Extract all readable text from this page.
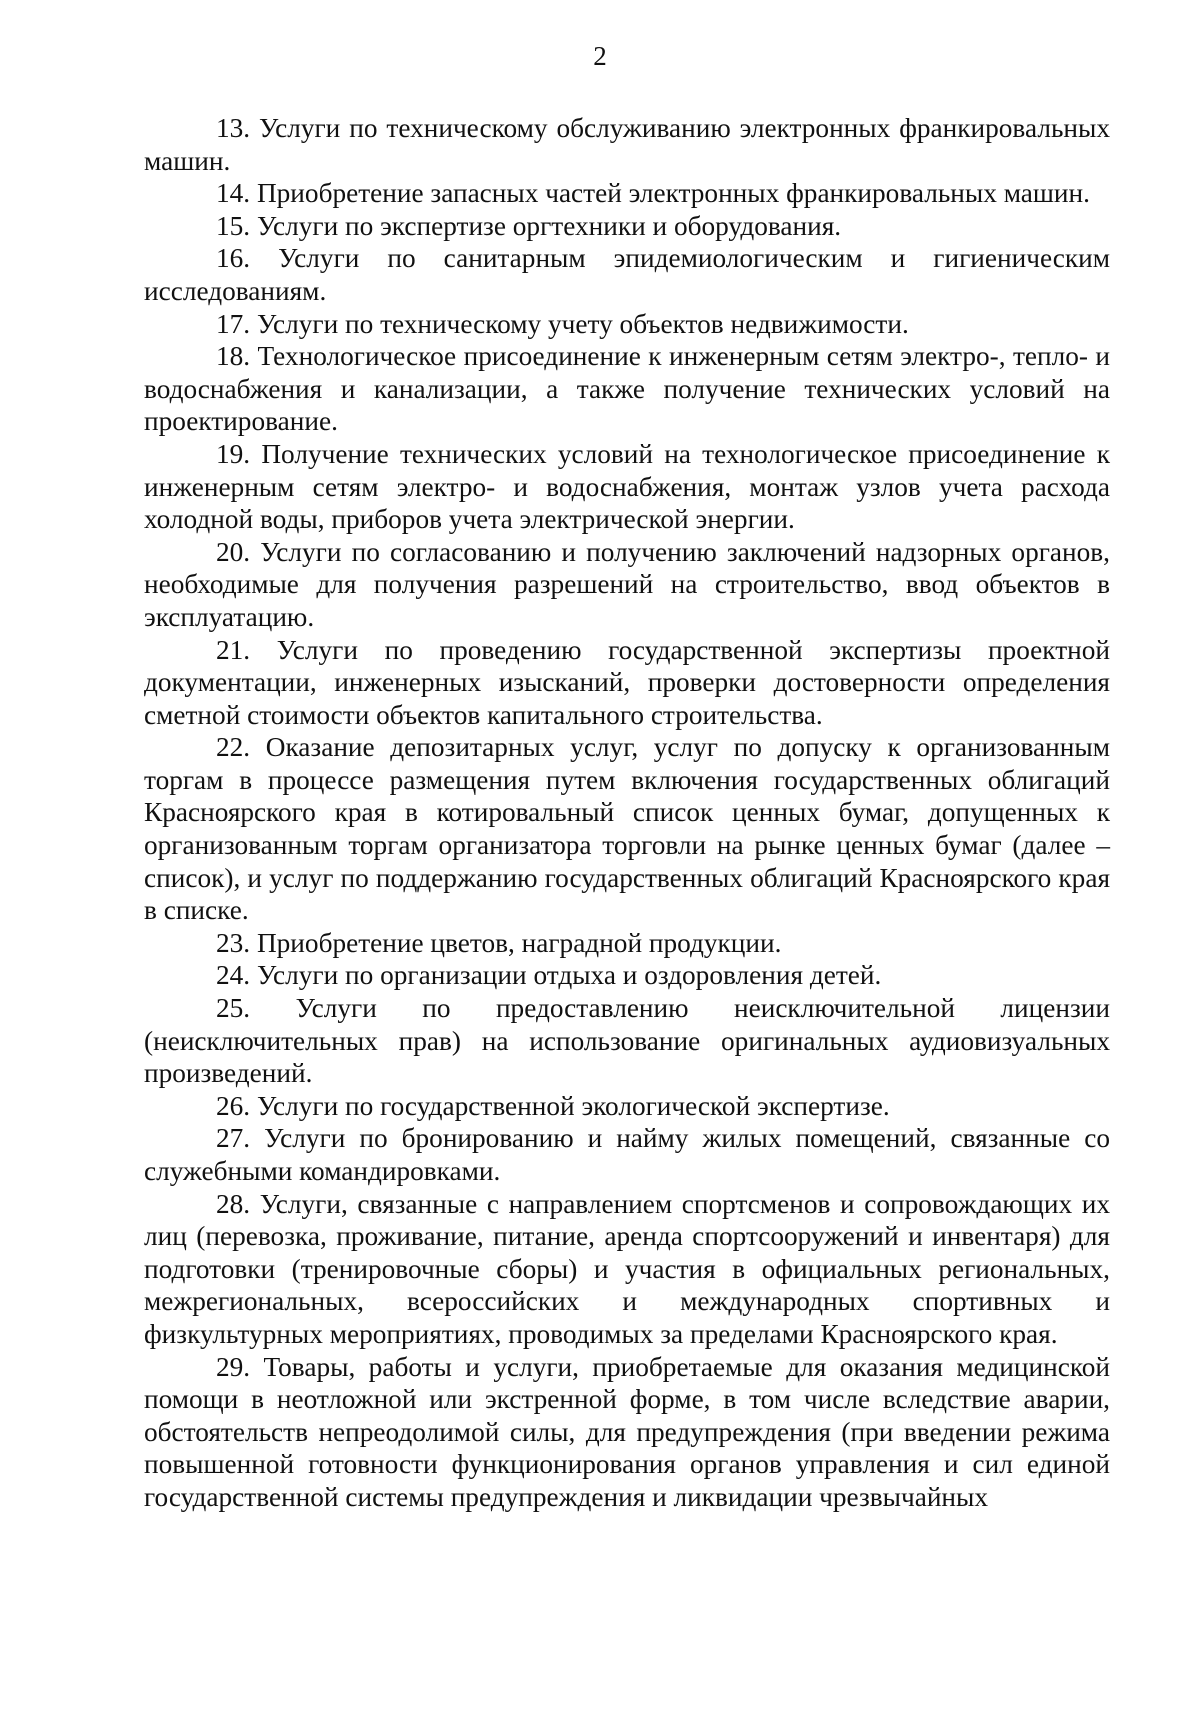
2

13. Услуги по техническому обслуживанию электронных франкировальных машин.

14. Приобретение запасных частей электронных франкировальных машин.

15. Услуги по экспертизе оргтехники и оборудования.

16. Услуги по санитарным эпидемиологическим и гигиеническим исследованиям.

17. Услуги по техническому учету объектов недвижимости.

18. Технологическое присоединение к инженерным сетям электро-, тепло- и водоснабжения и канализации, а также получение технических условий на проектирование.

19. Получение технических условий на технологическое присоединение к инженерным сетям электро- и водоснабжения, монтаж узлов учета расхода холодной воды, приборов учета электрической энергии.

20. Услуги по согласованию и получению заключений надзорных органов, необходимые для получения разрешений на строительство, ввод объектов в эксплуатацию.

21. Услуги по проведению государственной экспертизы проектной документации, инженерных изысканий, проверки достоверности определения сметной стоимости объектов капитального строительства.

22. Оказание депозитарных услуг, услуг по допуску к организованным торгам в процессе размещения путем включения государственных облигаций Красноярского края в котировальный список ценных бумаг, допущенных к организованным торгам организатора торговли на рынке ценных бумаг (далее – список), и услуг по поддержанию государственных облигаций Красноярского края в списке.

23. Приобретение цветов, наградной продукции.

24. Услуги по организации отдыха и оздоровления детей.

25. Услуги по предоставлению неисключительной лицензии (неисключительных прав) на использование оригинальных аудиовизуальных произведений.

26. Услуги по государственной экологической экспертизе.

27. Услуги по бронированию и найму жилых помещений, связанные со служебными командировками.

28. Услуги, связанные с направлением спортсменов и сопровождающих их лиц (перевозка, проживание, питание, аренда спортсооружений и инвентаря) для подготовки (тренировочные сборы) и участия в официальных региональных, межрегиональных, всероссийских и международных спортивных и физкультурных мероприятиях, проводимых за пределами Красноярского края.

29. Товары, работы и услуги, приобретаемые для оказания медицинской помощи в неотложной или экстренной форме, в том числе вследствие аварии, обстоятельств непреодолимой силы, для предупреждения (при введении режима повышенной готовности функционирования органов управления и сил единой государственной системы предупреждения и ликвидации чрезвычайных
